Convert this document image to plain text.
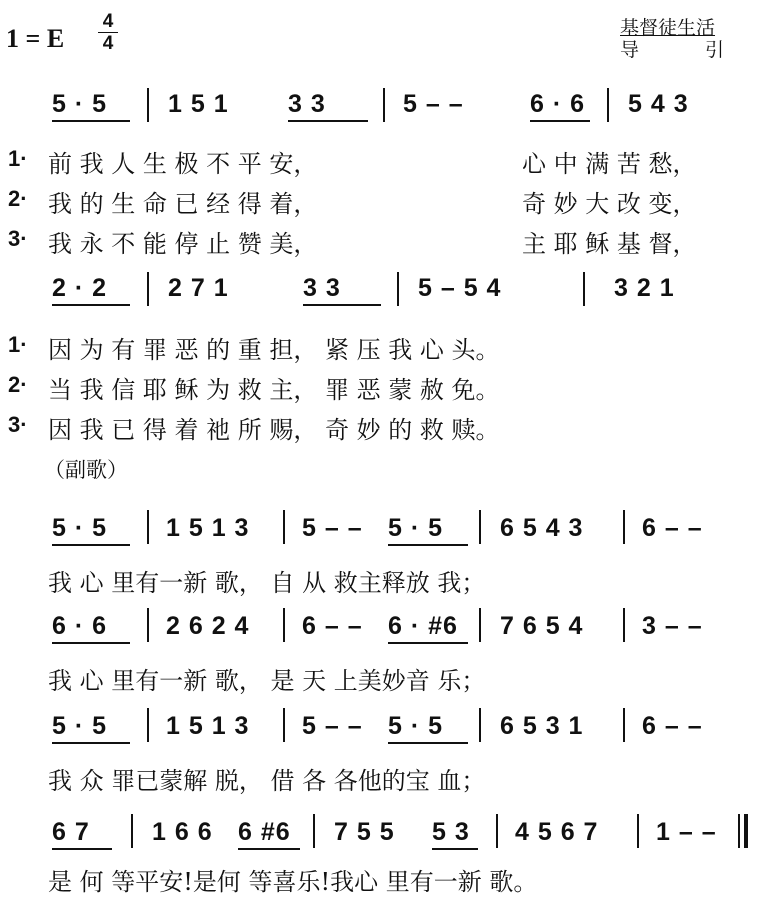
1 = E
4
4
基督徒生活
导	引
5 · 5 1 5 1 3 3	5 – –	6 · 6 5 4 3
1· 前 我 人 生 极 不 平 安，	心 中 满 苦 愁，
2· 我 的 生 命 已 经 得 着，	奇 妙 大 改 变，
3· 我 永 不 能 停 止 赞 美，	主 耶 稣 基 督，
2 · 2 2 7 1	3 3	5 – 5 4	3 2 1
1· 因 为 有 罪 恶 的 重 担， 紧 压 我 心 头。
2· 当 我 信 耶 稣 为 救 主， 罪 恶 蒙 赦 免。
3· 因 我 已 得 着 祂 所 赐， 奇 妙 的 救 赎。
（副歌）
5 · 5 1 5 1 3 5 – – 5 · 5 6 5 4 3 6 – –
我 心 里有一新 歌， 自 从 救主释放 我；
6 · 6 2 6 2 4 6 – – 6 · #6 7 6 5 4 3 – –
我 心 里有一新 歌， 是 天 上美妙音 乐；
5 · 5 1 5 1 3 5 – – 5 · 5 6 5 3 1 6 – –
我 众 罪已蒙解 脱， 借 各 各他的宝 血；
6 7 1 6 6 6 #6 7 5 5 5 3 4 5 6 7 1 – –
是 何 等平安!是何 等喜乐!我心 里有一新 歌。
